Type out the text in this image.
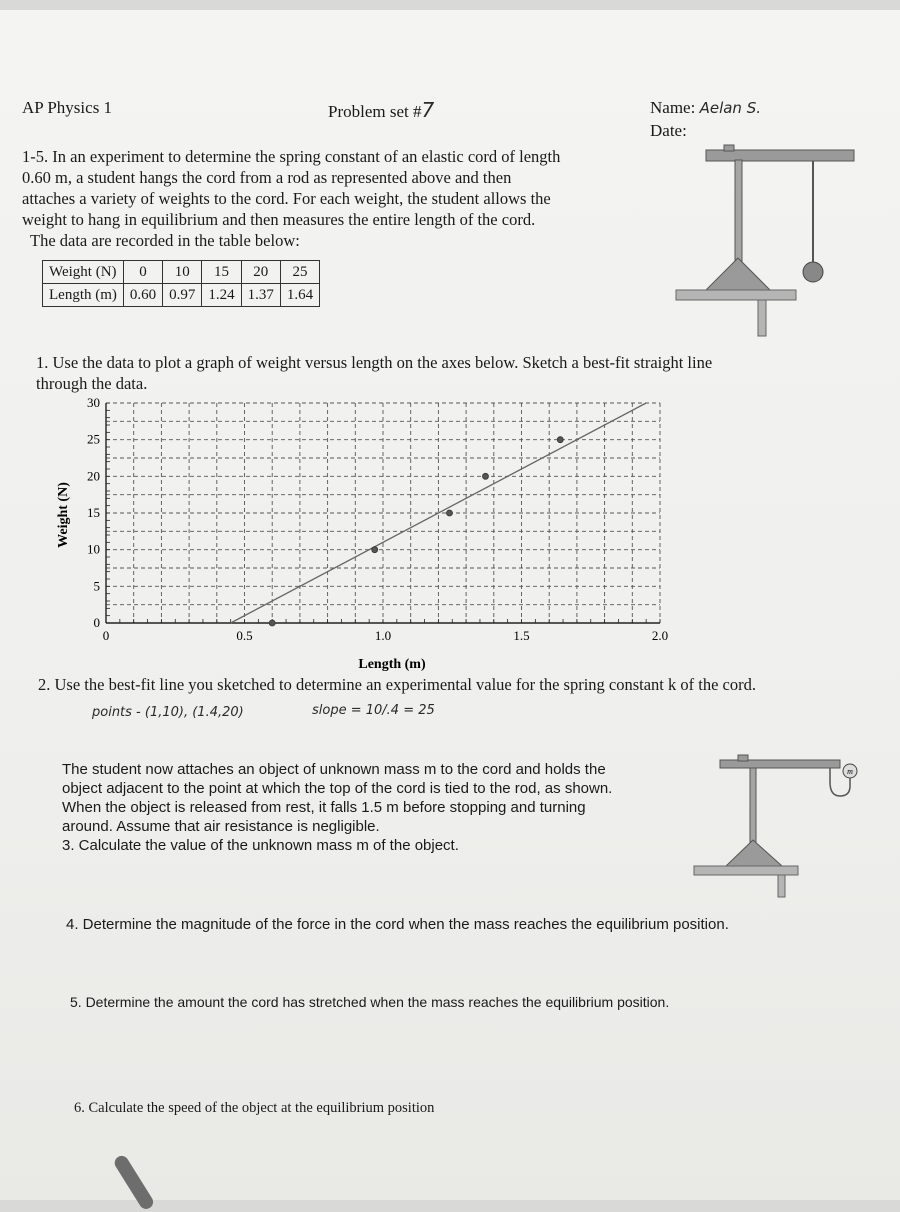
AP Physics 1	Problem set #7	Name: Aelan S.
Date:
1-5. In an experiment to determine the spring constant of an elastic cord of length
0.60 m, a student hangs the cord from a rod as represented above and then
attaches a variety of weights to the cord. For each weight, the student allows the
weight to hang in equilibrium and then measures the entire length of the cord.
The data are recorded in the table below:
Weight (N)	0	10	15	20	25
Length (m)	0.60	0.97	1.24	1.37	1.64
1. Use the data to plot a graph of weight versus length on the axes below. Sketch a best-fit straight line
through the data.
0	0.5	1.0	1.5	2.0
0
5
10
15
20
25
30
Length (m)
Weight (N)
2. Use the best-fit line you sketched to determine an experimental value for the spring constant k of the cord.
points - (1,10), (1.4,20)	slope = 10/.4 = 25
The student now attaches an object of unknown mass m to the cord and holds the
object adjacent to the point at which the top of the cord is tied to the rod, as shown.
When the object is released from rest, it falls 1.5 m before stopping and turning
around. Assume that air resistance is negligible.
3. Calculate the value of the unknown mass m of the object.
m
4. Determine the magnitude of the force in the cord when the mass reaches the equilibrium position.
5. Determine the amount the cord has stretched when the mass reaches the equilibrium position.
6. Calculate the speed of the object at the equilibrium position
